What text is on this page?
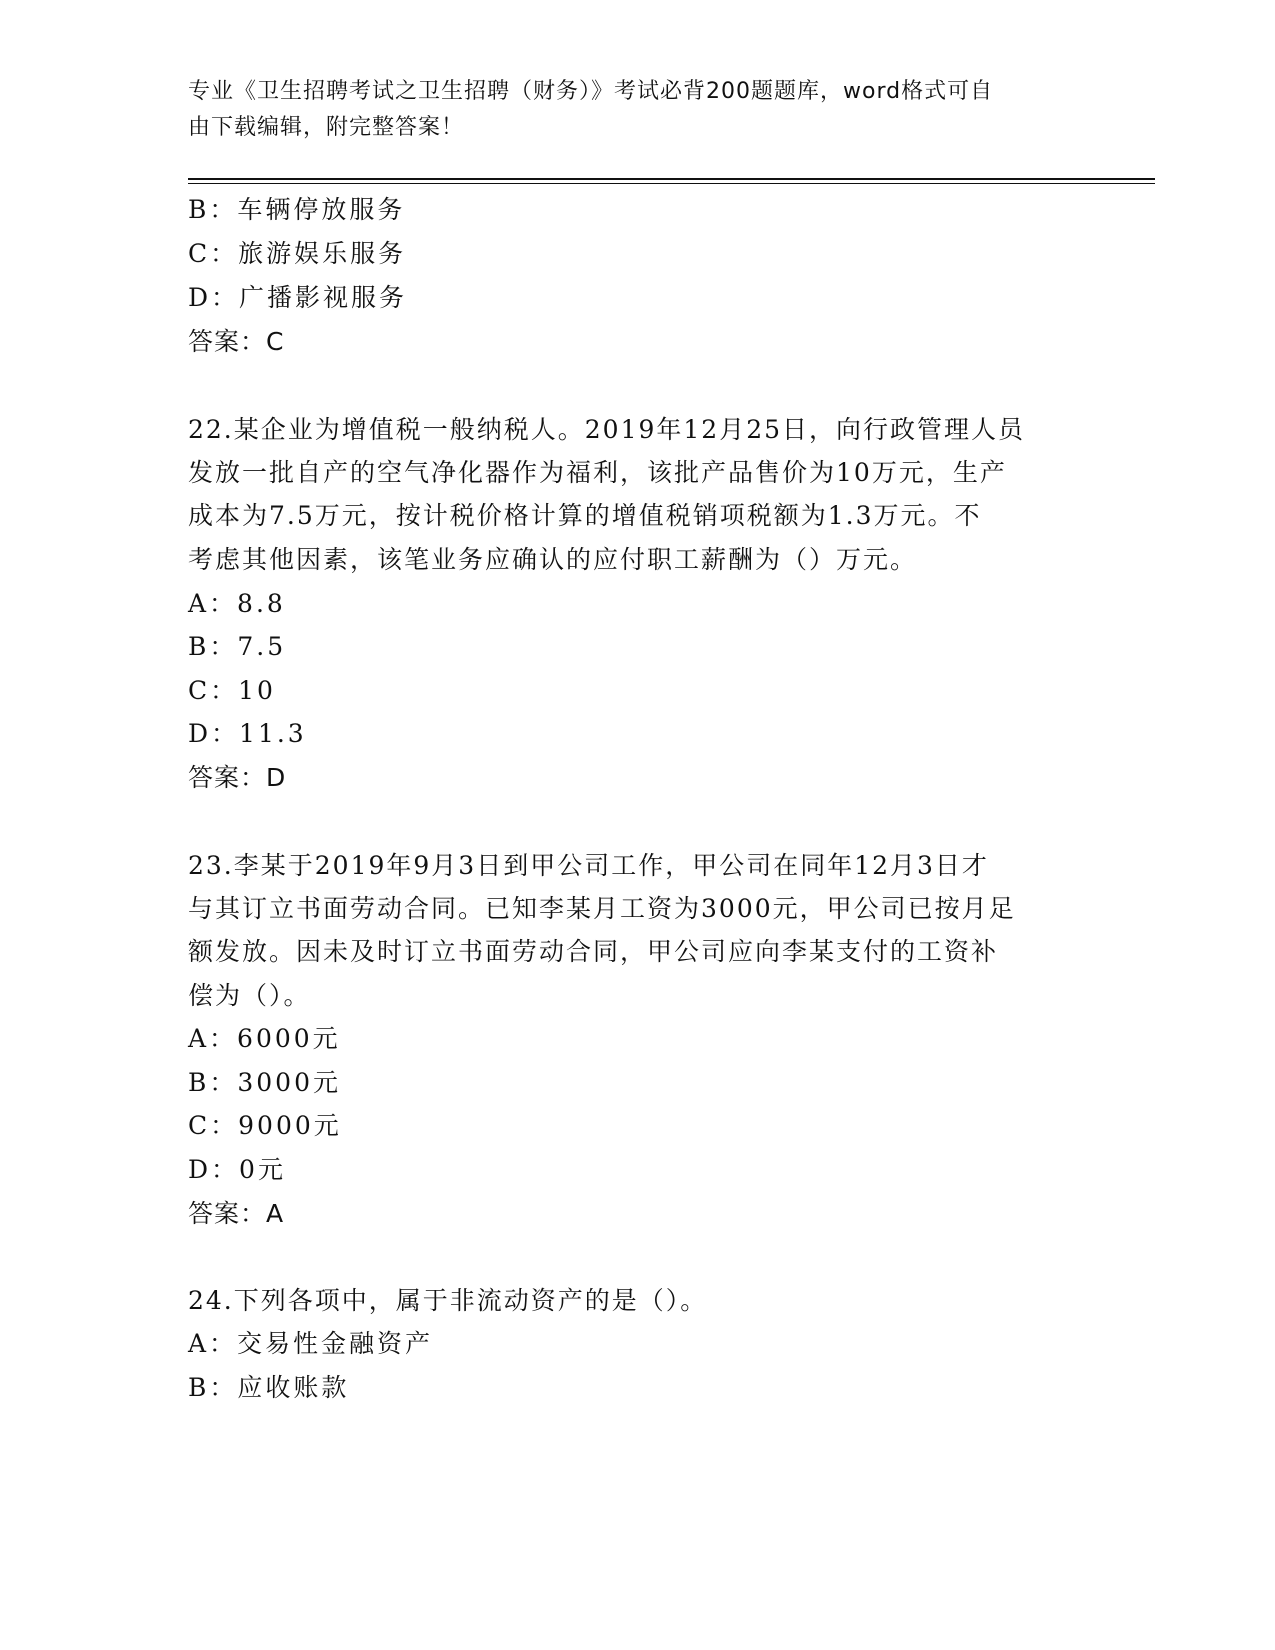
专业《卫生招聘考试之卫生招聘（财务）》考试必背200题题库，word格式可自
由下载编辑，附完整答案！
B：车辆停放服务
C：旅游娱乐服务
D：广播影视服务
答案：C
22.某企业为增值税一般纳税人。2019年12月25日，向行政管理人员
发放一批自产的空气净化器作为福利，该批产品售价为10万元，生产
成本为7.5万元，按计税价格计算的增值税销项税额为1.3万元。不
考虑其他因素，该笔业务应确认的应付职工薪酬为（）万元。
A：8.8
B：7.5
C：10
D：11.3
答案：D
23.李某于2019年9月3日到甲公司工作，甲公司在同年12月3日才
与其订立书面劳动合同。已知李某月工资为3000元，甲公司已按月足
额发放。因未及时订立书面劳动合同，甲公司应向李某支付的工资补
偿为（）。
A：6000元
B：3000元
C：9000元
D：0元
答案：A
24.下列各项中，属于非流动资产的是（）。
A：交易性金融资产
B：应收账款
